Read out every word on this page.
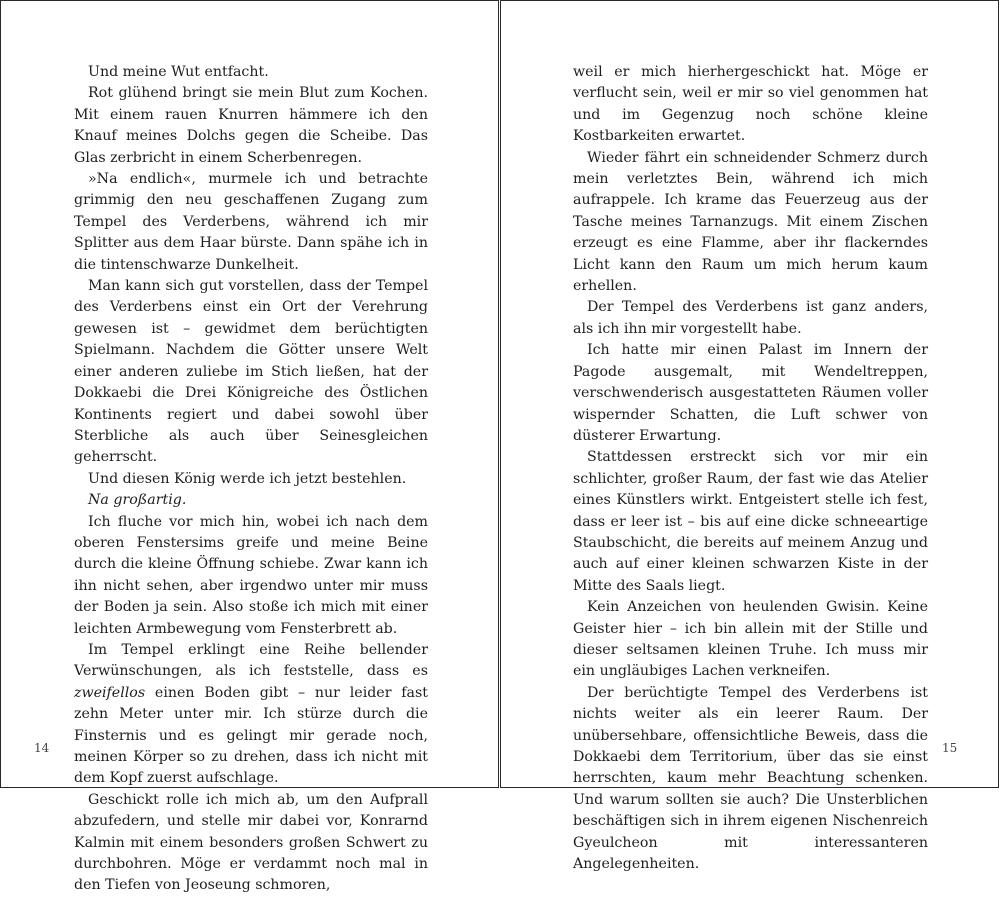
Und meine Wut entfacht.

Rot glühend bringt sie mein Blut zum Kochen. Mit einem rauen Knurren hämmere ich den Knauf meines Dolchs gegen die Scheibe. Das Glas zerbricht in einem Scherbenregen.

»Na endlich«, murmele ich und betrachte grimmig den neu geschaffenen Zugang zum Tempel des Verderbens, während ich mir Splitter aus dem Haar bürste. Dann spähe ich in die tintenschwarze Dunkelheit.

Man kann sich gut vorstellen, dass der Tempel des Verderbens einst ein Ort der Verehrung gewesen ist – gewidmet dem berüchtigten Spielmann. Nachdem die Götter unsere Welt einer anderen zuliebe im Stich ließen, hat der Dokkaebi die Drei Königreiche des Östlichen Kontinents regiert und dabei sowohl über Sterbliche als auch über Seinesgleichen geherrscht.

Und diesen König werde ich jetzt bestehlen.

Na großartig.

Ich fluche vor mich hin, wobei ich nach dem oberen Fenstersims greife und meine Beine durch die kleine Öffnung schiebe. Zwar kann ich ihn nicht sehen, aber irgendwo unter mir muss der Boden ja sein. Also stoße ich mich mit einer leichten Armbewegung vom Fensterbrett ab.

Im Tempel erklingt eine Reihe bellender Verwünschungen, als ich feststelle, dass es zweifellos einen Boden gibt – nur leider fast zehn Meter unter mir. Ich stürze durch die Finsternis und es gelingt mir gerade noch, meinen Körper so zu drehen, dass ich nicht mit dem Kopf zuerst aufschlage.

Geschickt rolle ich mich ab, um den Aufprall abzufedern, und stelle mir dabei vor, Konrarnd Kalmin mit einem besonders großen Schwert zu durchbohren. Möge er verdammt noch mal in den Tiefen von Jeoseung schmoren,

14

weil er mich hierhergeschickt hat. Möge er verflucht sein, weil er mir so viel genommen hat und im Gegenzug noch schöne kleine Kostbarkeiten erwartet.

Wieder fährt ein schneidender Schmerz durch mein verletztes Bein, während ich mich aufrappele. Ich krame das Feuerzeug aus der Tasche meines Tarnanzugs. Mit einem Zischen erzeugt es eine Flamme, aber ihr flackerndes Licht kann den Raum um mich herum kaum erhellen.

Der Tempel des Verderbens ist ganz anders, als ich ihn mir vorgestellt habe.

Ich hatte mir einen Palast im Innern der Pagode ausgemalt, mit Wendeltreppen, verschwenderisch ausgestatteten Räumen voller wispernder Schatten, die Luft schwer von düsterer Erwartung.

Stattdessen erstreckt sich vor mir ein schlichter, großer Raum, der fast wie das Atelier eines Künstlers wirkt. Entgeistert stelle ich fest, dass er leer ist – bis auf eine dicke schneeartige Staubschicht, die bereits auf meinem Anzug und auch auf einer kleinen schwarzen Kiste in der Mitte des Saals liegt.

Kein Anzeichen von heulenden Gwisin. Keine Geister hier – ich bin allein mit der Stille und dieser seltsamen kleinen Truhe. Ich muss mir ein ungläubiges Lachen verkneifen.

Der berüchtigte Tempel des Verderbens ist nichts weiter als ein leerer Raum. Der unübersehbare, offensichtliche Beweis, dass die Dokkaebi dem Territorium, über das sie einst herrschten, kaum mehr Beachtung schenken. Und warum sollten sie auch? Die Unsterblichen beschäftigen sich in ihrem eigenen Nischenreich Gyeulcheon mit interessanteren Angelegenheiten.

15
